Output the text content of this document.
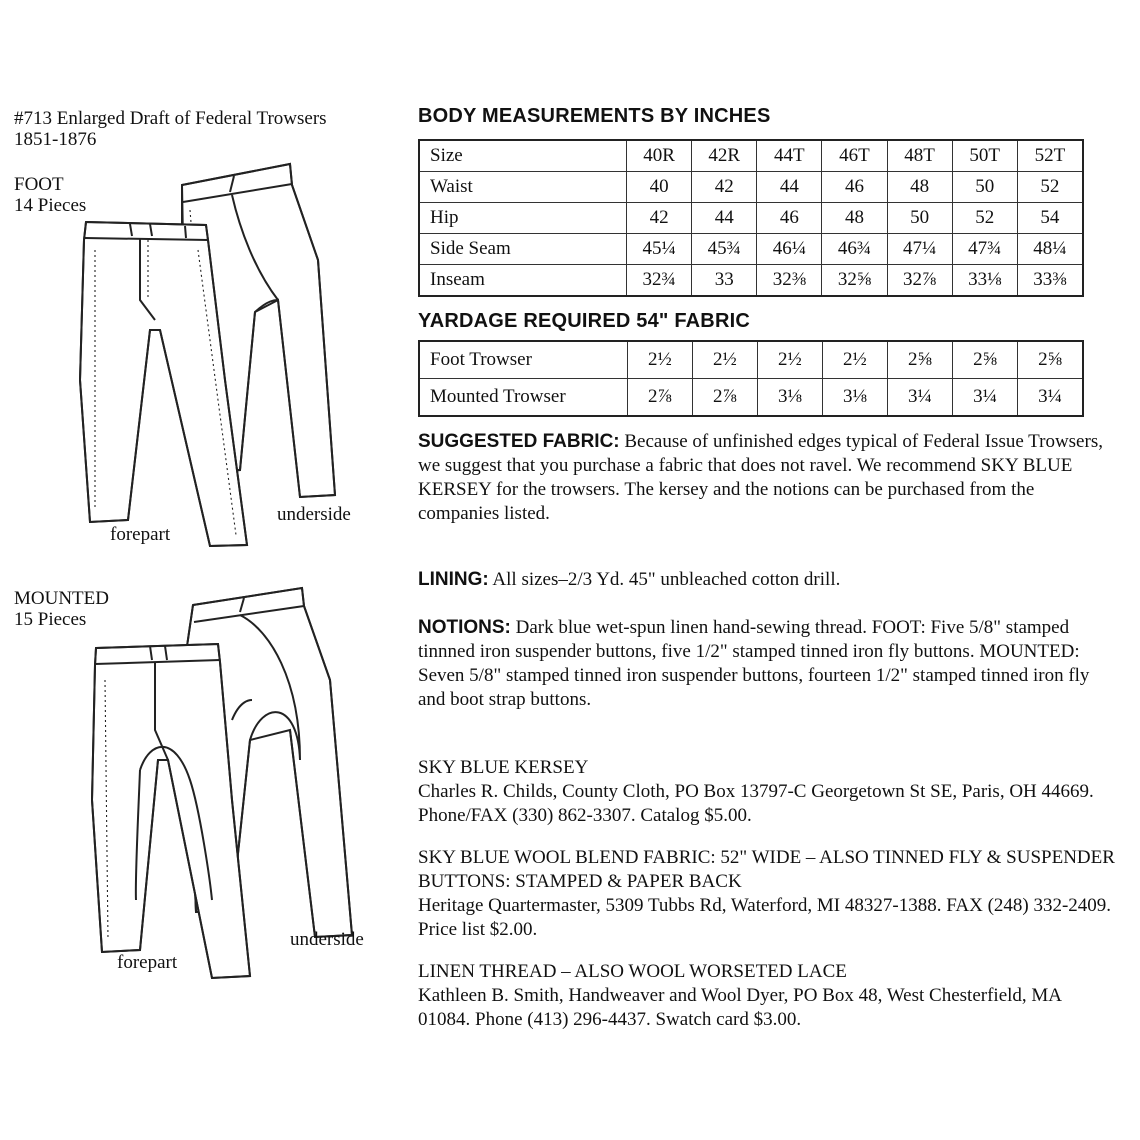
#713 Enlarged Draft of Federal Trowsers
1851-1876
FOOT
14 Pieces
forepart
underside
MOUNTED
15 Pieces
forepart
underside
BODY MEASUREMENTS BY INCHES
Size	40R	42R	44T	46T	48T	50T	52T
Waist	40	42	44	46	48	50	52
Hip	42	44	46	48	50	52	54
Side Seam	45¼	45¾	46¼	46¾	47¼	47¾	48¼
Inseam	32¾	33	32⅜	32⅝	32⅞	33⅛	33⅜
YARDAGE REQUIRED 54" FABRIC
Foot Trowser	2½	2½	2½	2½	2⅝	2⅝	2⅝
Mounted Trowser	2⅞	2⅞	3⅛	3⅛	3¼	3¼	3¼
SUGGESTED FABRIC: Because of unfinished edges typical of Federal Issue Trowsers, we suggest that you purchase a fabric that does not ravel. We recommend SKY BLUE KERSEY for the trowsers. The kersey and the notions can be purchased from the companies listed.
LINING: All sizes–2/3 Yd. 45" unbleached cotton drill.
NOTIONS: Dark blue wet-spun linen hand-sewing thread. FOOT: Five 5/8" stamped tinnned iron suspender buttons, five 1/2" stamped tinned iron fly buttons. MOUNTED: Seven 5/8" stamped tinned iron suspender buttons, fourteen 1/2" stamped tinned iron fly and boot strap buttons.
SKY BLUE KERSEY
Charles R. Childs, County Cloth, PO Box 13797-C Georgetown St SE, Paris, OH 44669. Phone/FAX (330) 862-3307. Catalog $5.00.
SKY BLUE WOOL BLEND FABRIC: 52" WIDE – ALSO TINNED FLY & SUSPENDER BUTTONS: STAMPED & PAPER BACK
Heritage Quartermaster, 5309 Tubbs Rd, Waterford, MI 48327-1388. FAX (248) 332-2409. Price list $2.00.
LINEN THREAD – ALSO WOOL WORSETED LACE
Kathleen B. Smith, Handweaver and Wool Dyer, PO Box 48, West Chesterfield, MA 01084. Phone (413) 296-4437. Swatch card $3.00.
